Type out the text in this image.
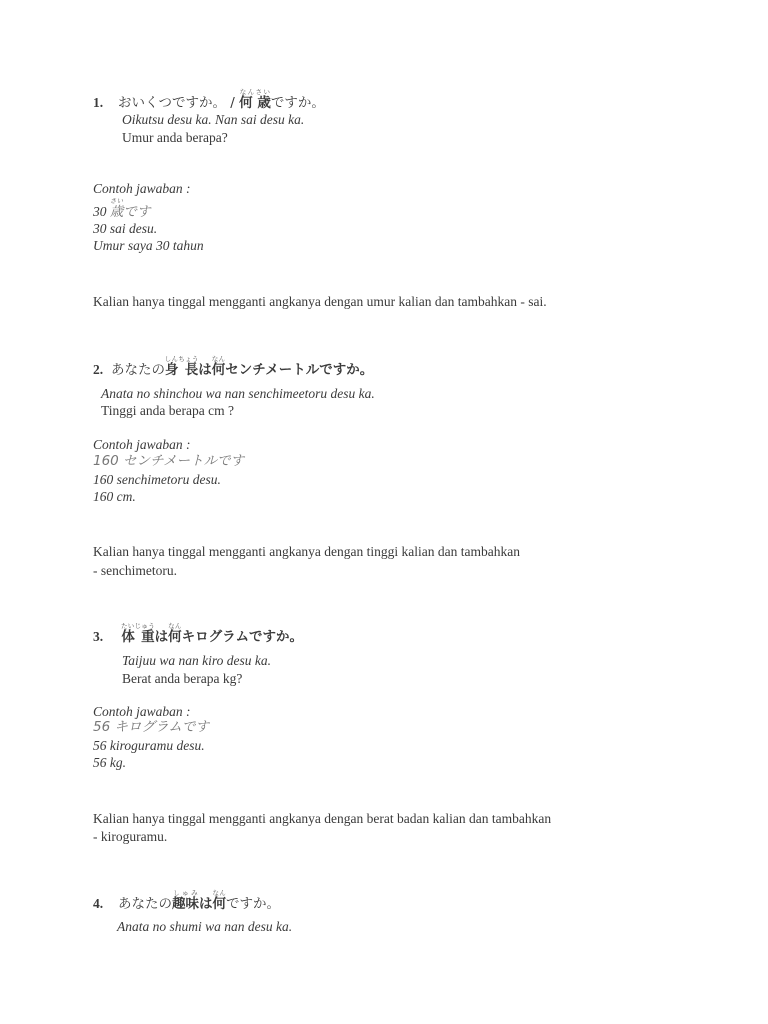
1. おいくつですか。 / 何 歳なんさいですか。
Oikutsu desu ka. Nan sai desu ka.
Umur anda berapa?
Contoh jawaban :
30 歳さいです
30 sai desu.
Umur saya 30 tahun
Kalian hanya tinggal mengganti angkanya dengan umur kalian dan tambahkan - sai.
2. あなたの身 長しんちょうは何なんセンチメートルですか。
Anata no shinchou wa nan senchimeetoru desu ka.
Tinggi anda berapa cm ?
Contoh jawaban :
160 センチメートルです
160 senchimetoru desu.
160 cm.
Kalian hanya tinggal mengganti angkanya dengan tinggi kalian dan tambahkan
- senchimetoru.
3. 体 重たいじゅうは何なんキログラムですか。
Taijuu wa nan kiro desu ka.
Berat anda berapa kg?
Contoh jawaban :
56 キログラムです
56 kiroguramu desu.
56 kg.
Kalian hanya tinggal mengganti angkanya dengan berat badan kalian dan tambahkan
- kiroguramu.
4. あなたの趣味しゅみは何なんですか。
Anata no shumi wa nan desu ka.
